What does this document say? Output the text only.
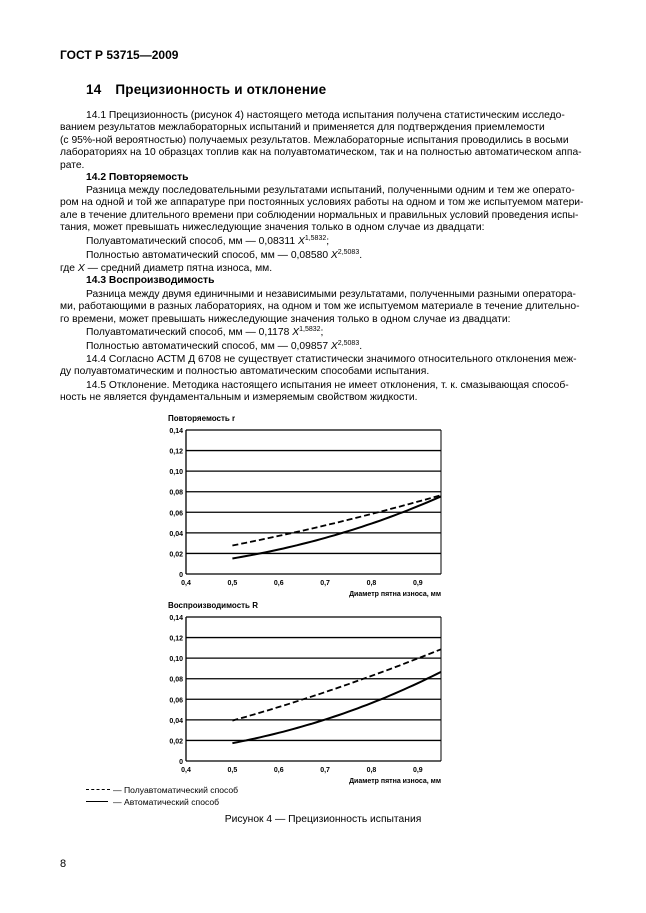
ГОСТ Р 53715—2009
14 Прецизионность и отклонение
14.1 Прецизионность (рисунок 4) настоящего метода испытания получена статистическим исследо-
ванием результатов межлабораторных испытаний и применяется для подтверждения приемлемости
(с 95%-ной вероятностью) получаемых результатов. Межлабораторные испытания проводились в восьми
лабораториях на 10 образцах топлив как на полуавтоматическом, так и на полностью автоматическом аппа-
рате.
14.2 Повторяемость
Разница между последовательными результатами испытаний, полученными одним и тем же операто-
ром на одной и той же аппаратуре при постоянных условиях работы на одном и том же испытуемом матери-
але в течение длительного времени при соблюдении нормальных и правильных условий проведения испы-
тания, может превышать нижеследующие значения только в одном случае из двадцати:
Полуавтоматический способ, мм — 0,08311 $X^{1,5832}$;
Полностью автоматический способ, мм — 0,08580 $X^{2,5083}$.
где X — средний диаметр пятна износа, мм.
14.3 Воспроизводимость
Разница между двумя единичными и независимыми результатами, полученными разными оператора-
ми, работающими в разных лабораториях, на одном и том же испытуемом материале в течение длительно-
го времени, может превышать нижеследующие значения только в одном случае из двадцати:
Полуавтоматический способ, мм — 0,1178 $X^{1,5832}$;
Полностью автоматический способ, мм — 0,09857 $X^{2,5083}$.
14.4 Согласно АСТМ Д 6708 не существует статистически значимого относительного отклонения меж-
ду полуавтоматическим и полностью автоматическим способами испытания.
14.5 Отклонение. Методика настоящего испытания не имеет отклонения, т. к. смазывающая способ-
ность не является фундаментальным и измеряемым свойством жидкости.
Повторяемость r
0
0,02
0,04
0,06
0,08
0,10
0,12
0,14
0,4	0,5	0,6	0,7	0,8	0,9
Диаметр пятна износа, мм
Воспроизводимость R
0
0,02
0,04
0,06
0,08
0,10
0,12
0,14
0,4	0,5	0,6	0,7	0,8	0,9
Диаметр пятна износа, мм
— Полуавтоматический способ
— Автоматический способ
Рисунок 4 — Прецизионность испытания
8
